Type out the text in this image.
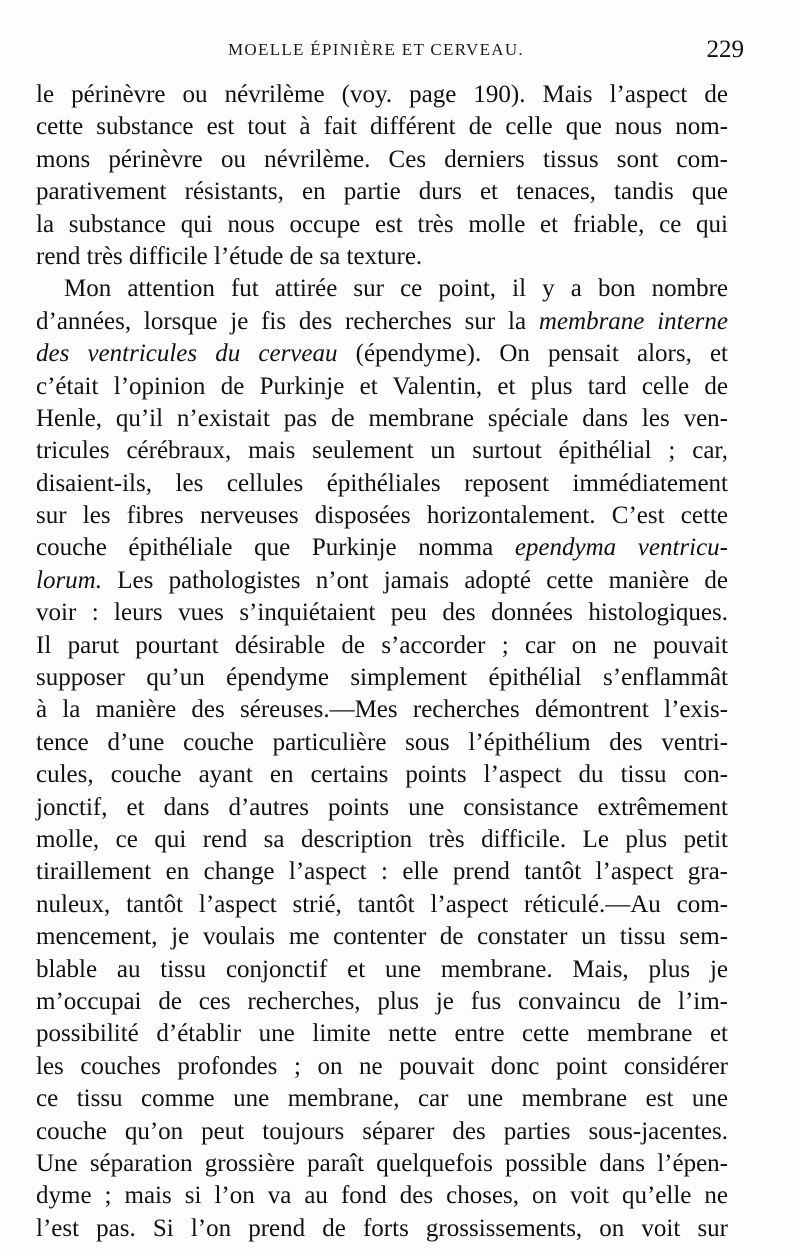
MOELLE ÉPINIÈRE ET CERVEAU.	229
le périnèvre ou névrilème (voy. page 190). Mais l’aspect de
cette substance est tout à fait différent de celle que nous nom-
mons périnèvre ou névrilème. Ces derniers tissus sont com-
parativement résistants, en partie durs et tenaces, tandis que
la substance qui nous occupe est très molle et friable, ce qui
rend très difficile l’étude de sa texture.
Mon attention fut attirée sur ce point, il y a bon nombre
d’années, lorsque je fis des recherches sur la membrane interne
des ventricules du cerveau (épendyme). On pensait alors, et
c’était l’opinion de Purkinje et Valentin, et plus tard celle de
Henle, qu’il n’existait pas de membrane spéciale dans les ven-
tricules cérébraux, mais seulement un surtout épithélial ; car,
disaient-ils, les cellules épithéliales reposent immédiatement
sur les fibres nerveuses disposées horizontalement. C’est cette
couche épithéliale que Purkinje nomma ependyma ventricu-
lorum. Les pathologistes n’ont jamais adopté cette manière de
voir : leurs vues s’inquiétaient peu des données histologiques.
Il parut pourtant désirable de s’accorder ; car on ne pouvait
supposer qu’un épendyme simplement épithélial s’enflammât
à la manière des séreuses.—Mes recherches démontrent l’exis-
tence d’une couche particulière sous l’épithélium des ventri-
cules, couche ayant en certains points l’aspect du tissu con-
jonctif, et dans d’autres points une consistance extrêmement
molle, ce qui rend sa description très difficile. Le plus petit
tiraillement en change l’aspect : elle prend tantôt l’aspect gra-
nuleux, tantôt l’aspect strié, tantôt l’aspect réticulé.—Au com-
mencement, je voulais me contenter de constater un tissu sem-
blable au tissu conjonctif et une membrane. Mais, plus je
m’occupai de ces recherches, plus je fus convaincu de l’im-
possibilité d’établir une limite nette entre cette membrane et
les couches profondes ; on ne pouvait donc point considérer
ce tissu comme une membrane, car une membrane est une
couche qu’on peut toujours séparer des parties sous-jacentes.
Une séparation grossière paraît quelquefois possible dans l’épen-
dyme ; mais si l’on va au fond des choses, on voit qu’elle ne
l’est pas. Si l’on prend de forts grossissements, on voit sur
